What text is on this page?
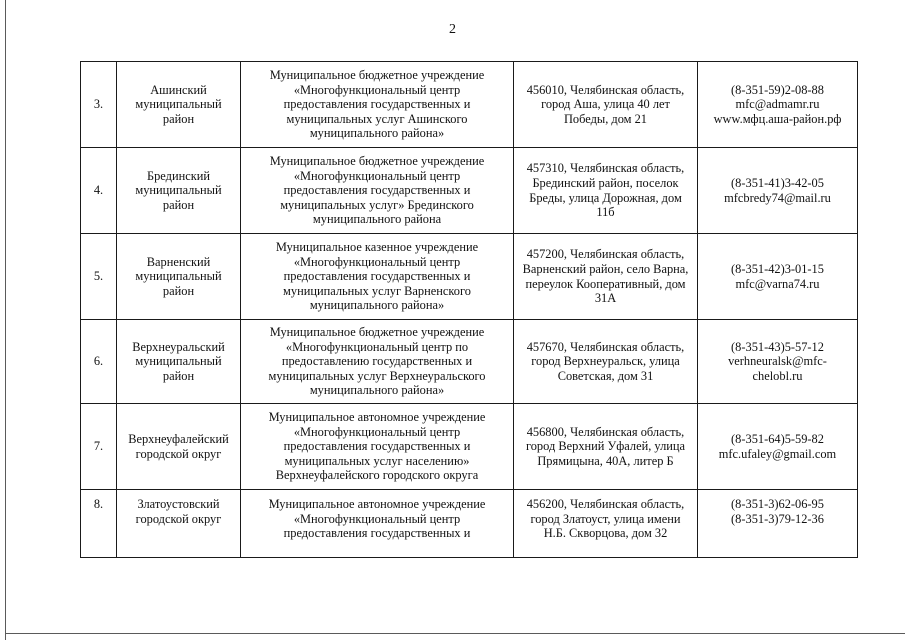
2
3.	Ашинский
муниципальный
район	Муниципальное бюджетное учреждение
«Многофункциональный центр
предоставления государственных и
муниципальных услуг Ашинского
муниципального района»	456010, Челябинская область,
город Аша, улица 40 лет
Победы, дом 21	(8-351-59)2-08-88
mfc@admamr.ru
www.мфц.аша-район.рф

4.	Брединский
муниципальный
район	Муниципальное бюджетное учреждение
«Многофункциональный центр
предоставления государственных и
муниципальных услуг» Брединского
муниципального района	457310, Челябинская область,
Брединский район, поселок
Бреды, улица Дорожная, дом
11б	(8-351-41)3-42-05
mfcbredy74@mail.ru

5.	Варненский
муниципальный
район	Муниципальное казенное учреждение
«Многофункциональный центр
предоставления государственных и
муниципальных услуг Варненского
муниципального района»	457200, Челябинская область,
Варненский район, село Варна,
переулок Кооперативный, дом
31А	(8-351-42)3-01-15
mfc@varna74.ru

6.	Верхнеуральский
муниципальный
район	Муниципальное бюджетное учреждение
«Многофункциональный центр по
предоставлению государственных и
муниципальных услуг Верхнеуральского
муниципального района»	457670, Челябинская область,
город Верхнеуральск, улица
Советская, дом 31	(8-351-43)5-57-12
verhneuralsk@mfc-
chelobl.ru

7.	Верхнеуфалейский
городской округ	Муниципальное автономное учреждение
«Многофункциональный центр
предоставления государственных и
муниципальных услуг населению»
Верхнеуфалейского городского округа	456800, Челябинская область,
город Верхний Уфалей, улица
Прямицына, 40А, литер Б	(8-351-64)5-59-82
mfc.ufaley@gmail.com

8.	Златоустовский
городской округ	Муниципальное автономное учреждение
«Многофункциональный центр
предоставления государственных и	456200, Челябинская область,
город Златоуст, улица имени
Н.Б. Скворцова, дом 32	(8-351-3)62-06-95
(8-351-3)79-12-36
